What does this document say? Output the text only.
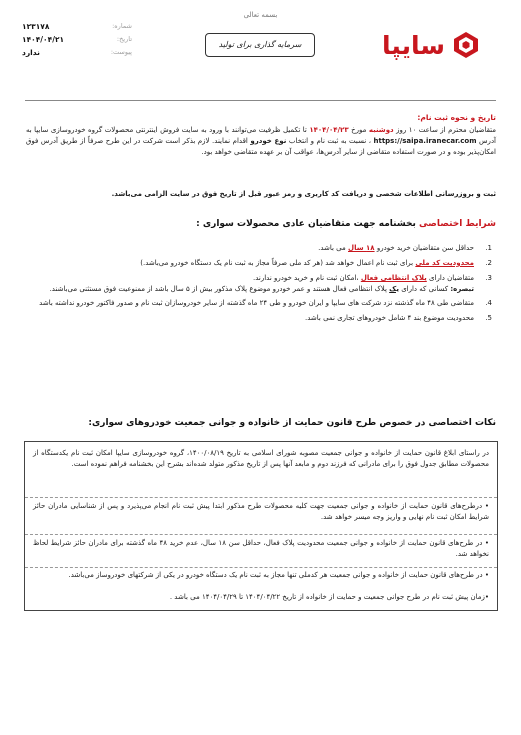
بسمه تعالی
شماره:
۱۲۳۱۷۸
تاریخ:
۱۴۰۴/۰۴/۲۱
پیوست:
ندارد
سرمایه گذاری برای تولید	سایپا
تاریخ و نحوه ثبت نام:
متقاضیان محترم از ساعت ۱۰ روز دوشنبه مورخ ۱۴۰۴/۰۴/۲۳ تا تکمیل ظرفیت می‌توانند با ورود به سایت فروش اینترنتی محصولات گروه خودروسازی سایپا به آدرس https://saipa.iranecar.com ، نسبت به ثبت نام و انتخاب نوع خودرو اقدام نمایند. لازم بذکر است شرکت در این طرح صرفاً از طریق آدرس فوق امکان‌پذیر بوده و در صورت استفاده متقاضی از سایر آدرس‌ها، عواقب آن بر عهده متقاضی خواهد بود.
ثبت و بروزرسانی اطلاعات شخصی و دریافت کد کاربری و رمز عبور قبل از تاریخ فوق در سایت الزامی می‌باشد.
شرایط اختصاصی بخشنامه جهت متقاضیان عادی محصولات سواری :
1.
حداقل سن متقاضیان خرید خودرو ۱۸ سال می باشد.
2.
محدودیت کد ملی برای ثبت نام اعمال خواهد شد (هر کد ملی صرفاً مجاز به ثبت نام یک دستگاه خودرو می‌باشد.)
3.
متقاضیان دارای پلاک انتظامی فعال ،امکان ثبت نام و خرید خودرو ندارند.
تبصره: کسانی که دارای یک پلاک انتظامی فعال هستند و عمر خودرو موضوع پلاک مذکور بیش از ۵ سال باشد از ممنوعیت فوق مستثنی می‌باشند.
4.
متقاضی طی ۴۸ ماه گذشته نزد شرکت های سایپا و ایران خودرو و طی ۲۴ ماه گذشته از سایر خودروسازان ثبت نام و صدور فاکتور خودرو نداشته باشد
5.
محدودیت موضوع بند ۴ شامل خودروهای تجاری نمی باشد.
نکات اختصاصی در خصوص طرح قانون حمایت از خانواده و جوانی جمعیت خودروهای سواری:
در راستای ابلاغ قانون حمایت از خانواده و جوانی جمعیت مصوبه شورای اسلامی به تاریخ ۱۴۰۰/۰۸/۱۹، گروه خودروسازی سایپا امکان ثبت نام یکدستگاه از محصولات مطابق جدول فوق را برای مادرانی که فرزند دوم و مابعد آنها پس از تاریخ مذکور متولد شده‌اند بشرح این بخشنامه فراهم نموده است.
• درطرح‌های قانون حمایت از خانواده و جوانی جمعیت جهت کلیه محصولات طرح مذکور ابتدا پیش ثبت نام انجام می‌پذیرد و پس از شناسایی مادران حائز شرایط امکان ثبت نام نهایی و واریز وجه میسر خواهد شد.
• در طرح‌های قانون حمایت از خانواده و جوانی جمعیت محدودیت پلاک فعال، حداقل سن ۱۸ سال، عدم خرید ۴۸ ماه گذشته برای مادران حائز شرایط لحاظ نخواهد شد.
• در طرح‌های قانون حمایت از خانواده و جوانی جمعیت هر کدملی تنها مجاز به ثبت نام یک دستگاه خودرو در یکی از شرکتهای خودروساز می‌باشد.
•زمان پیش ثبت نام در طرح جوانی جمعیت و حمایت از خانواده از تاریخ ۱۴۰۴/۰۴/۲۲ تا ۱۴۰۴/۰۴/۲۹ می باشد .
